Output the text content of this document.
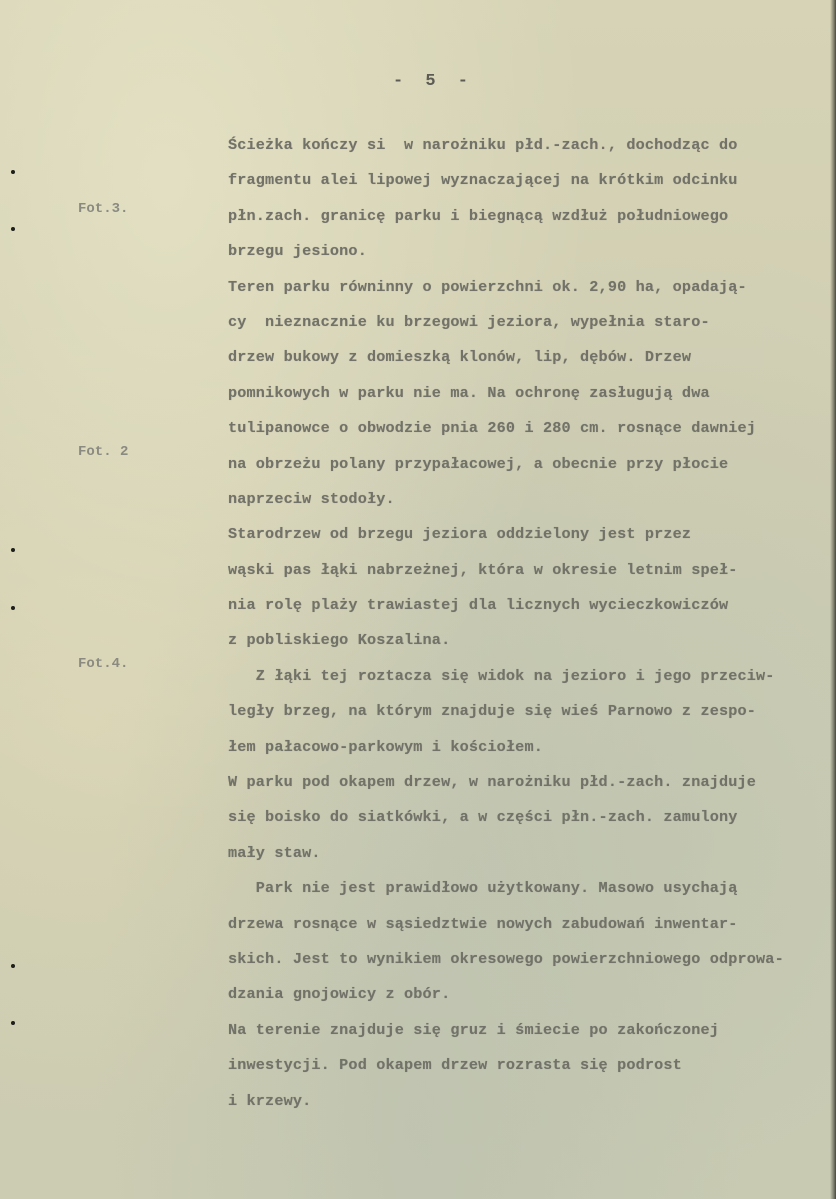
- 5 -
Fot.3.
Fot. 2
Fot.4.
Ścieżka kończy si  w narożniku płd.-zach., dochodząc do
fragmentu alei lipowej wyznaczającej na krótkim odcinku
płn.zach. granicę parku i biegnącą wzdłuż południowego
brzegu jesiono.
Teren parku równinny o powierzchni ok. 2,90 ha, opadają-
cy  nieznacznie ku brzegowi jeziora, wypełnia staro-
drzew bukowy z domieszką klonów, lip, dębów. Drzew
pomnikowych w parku nie ma. Na ochronę zasługują dwa
tulipanowce o obwodzie pnia 260 i 280 cm. rosnące dawniej
na obrzeżu polany przypałacowej, a obecnie przy płocie
naprzeciw stodoły.
Starodrzew od brzegu jeziora oddzielony jest przez
wąski pas łąki nabrzeżnej, która w okresie letnim speł-
nia rolę plaży trawiastej dla licznych wycieczkowiczów
z pobliskiego Koszalina.
Z łąki tej roztacza się widok na jezioro i jego przeciw-
legły brzeg, na którym znajduje się wieś Parnowo z zespo-
łem pałacowo-parkowym i kościołem.
W parku pod okapem drzew, w narożniku płd.-zach. znajduje
się boisko do siatkówki, a w części płn.-zach. zamulony
mały staw.
Park nie jest prawidłowo użytkowany. Masowo usychają
drzewa rosnące w sąsiedztwie nowych zabudowań inwentar-
skich. Jest to wynikiem okresowego powierzchniowego odprowa-
dzania gnojowicy z obór.
Na terenie znajduje się gruz i śmiecie po zakończonej
inwestycji. Pod okapem drzew rozrasta się podrost
i krzewy.
